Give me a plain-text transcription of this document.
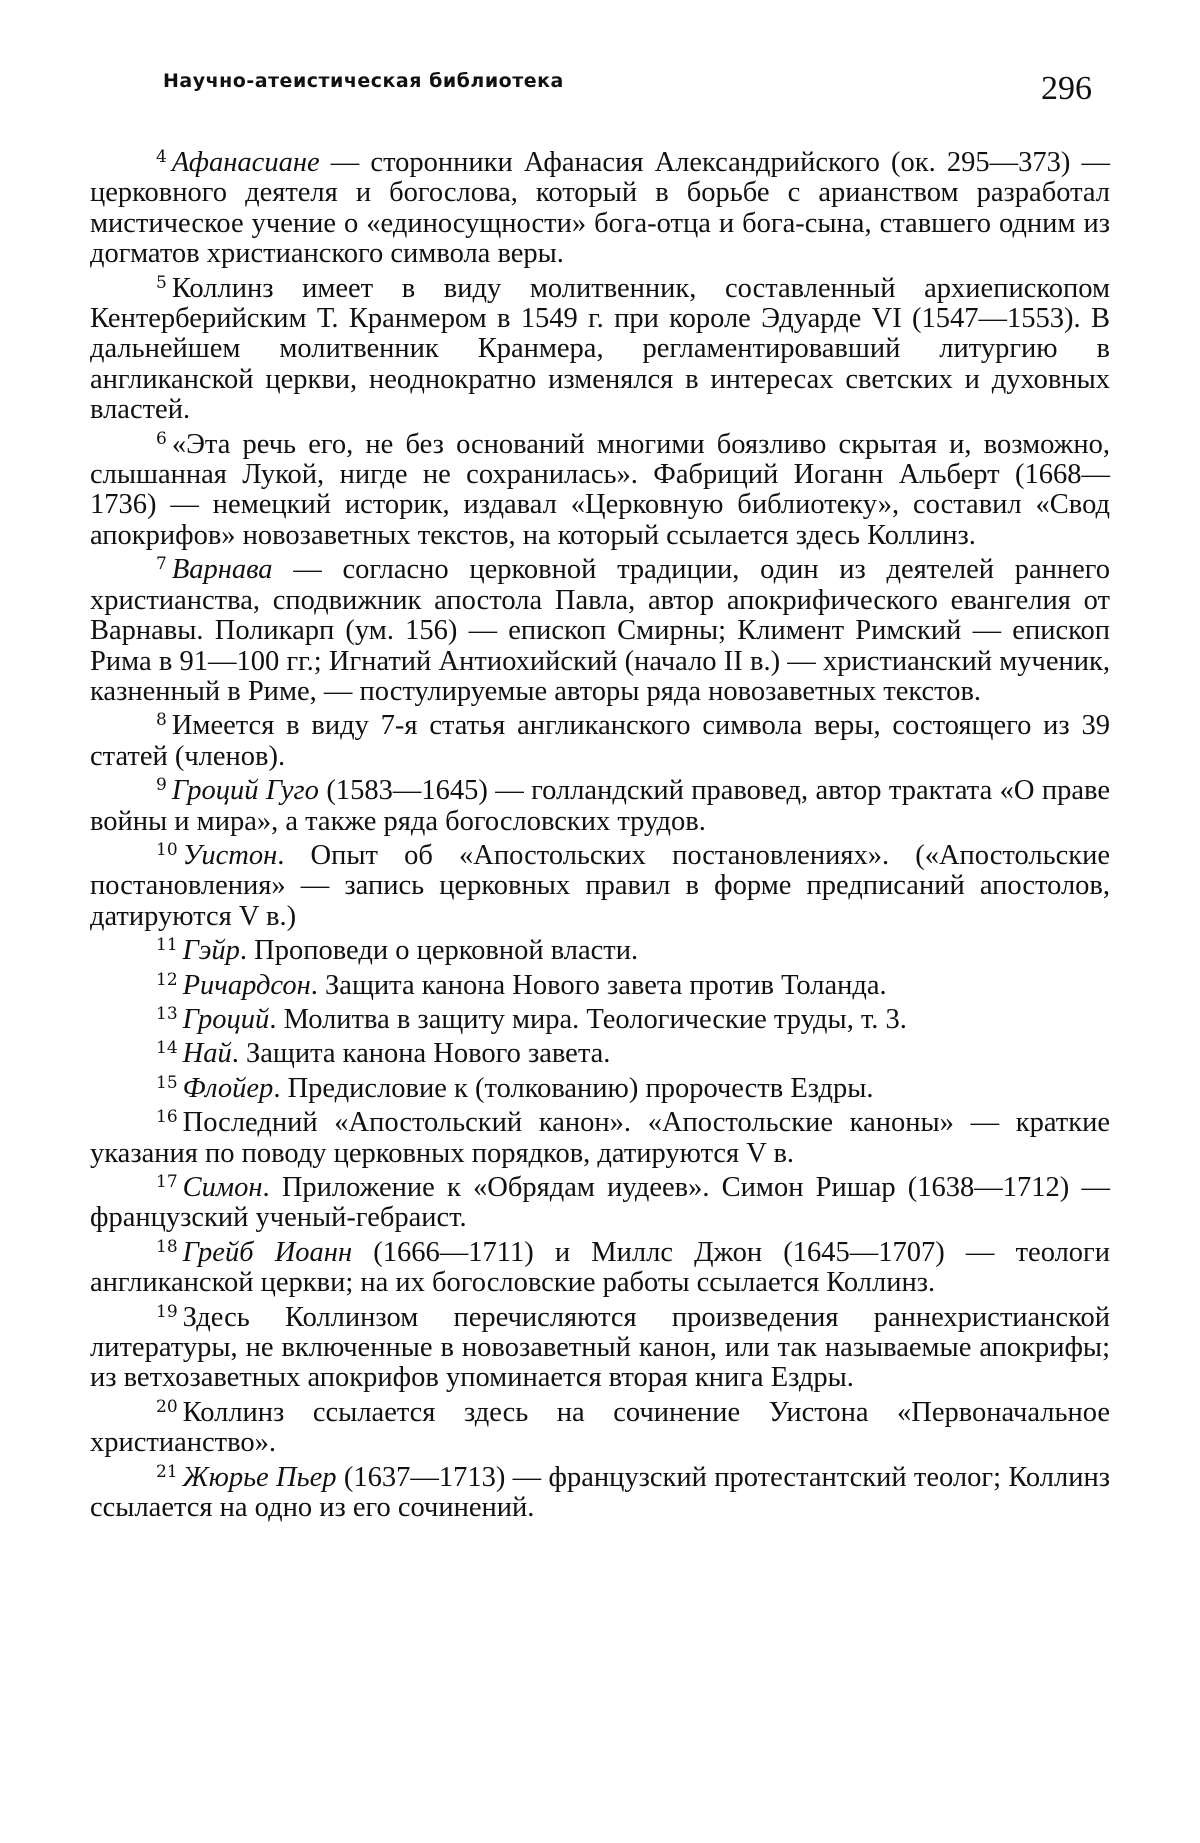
Научно-атеистическая библиотека	296

$^4$ Афанасиане — сторонники Афанасия Александрийского (ок. 295—373) — церковного деятеля и богослова, который в борьбе с арианством разработал мистическое учение о «единосущности» бога-отца и бога-сына, ставшего одним из догматов христианского символа веры.

$^5$ Коллинз имеет в виду молитвенник, составленный архиепископом Кентерберийским Т. Кранмером в 1549 г. при короле Эдуарде VI (1547—1553). В дальнейшем молитвенник Кранмера, регламентировавший литургию в англиканской церкви, неоднократно изменялся в интересах светских и духовных властей.

$^6$ «Эта речь его, не без оснований многими боязливо скрытая и, возможно, слышанная Лукой, нигде не сохранилась». Фабриций Иоганн Альберт (1668—1736) — немецкий историк, издавал «Церковную библиотеку», составил «Свод апокрифов» новозаветных текстов, на который ссылается здесь Коллинз.

$^7$ Варнава — согласно церковной традиции, один из деятелей раннего христианства, сподвижник апостола Павла, автор апокрифического евангелия от Варнавы. Поликарп (ум. 156) — епископ Смирны; Климент Римский — епископ Рима в 91—100 гг.; Игнатий Антиохийский (начало II в.) — христианский мученик, казненный в Риме, — постулируемые авторы ряда новозаветных текстов.

$^8$ Имеется в виду 7-я статья англиканского символа веры, состоящего из 39 статей (членов).

$^9$ Гроций Гуго (1583—1645) — голландский правовед, автор трактата «О праве войны и мира», а также ряда богословских трудов.

$^{10}$ Уистон. Опыт об «Апостольских постановлениях». («Апостольские постановления» — запись церковных правил в форме предписаний апостолов, датируются V в.)

$^{11}$ Гэйр. Проповеди о церковной власти.

$^{12}$ Ричардсон. Защита канона Нового завета против Толанда.

$^{13}$ Гроций. Молитва в защиту мира. Теологические труды, т. 3.

$^{14}$ Най. Защита канона Нового завета.

$^{15}$ Флойер. Предисловие к (толкованию) пророчеств Ездры.

$^{16}$ Последний «Апостольский канон». «Апостольские каноны» — краткие указания по поводу церковных порядков, датируются V в.

$^{17}$ Симон. Приложение к «Обрядам иудеев». Симон Ришар (1638—1712) — французский ученый-гебраист.

$^{18}$ Грейб Иоанн (1666—1711) и Миллс Джон (1645—1707) — теологи англиканской церкви; на их богословские работы ссылается Коллинз.

$^{19}$ Здесь Коллинзом перечисляются произведения раннехристианской литературы, не включенные в новозаветный канон, или так называемые апокрифы; из ветхозаветных апокрифов упоминается вторая книга Ездры.

$^{20}$ Коллинз ссылается здесь на сочинение Уистона «Первоначальное христианство».

$^{21}$ Жюрье Пьер (1637—1713) — французский протестантский теолог; Коллинз ссылается на одно из его сочинений.
